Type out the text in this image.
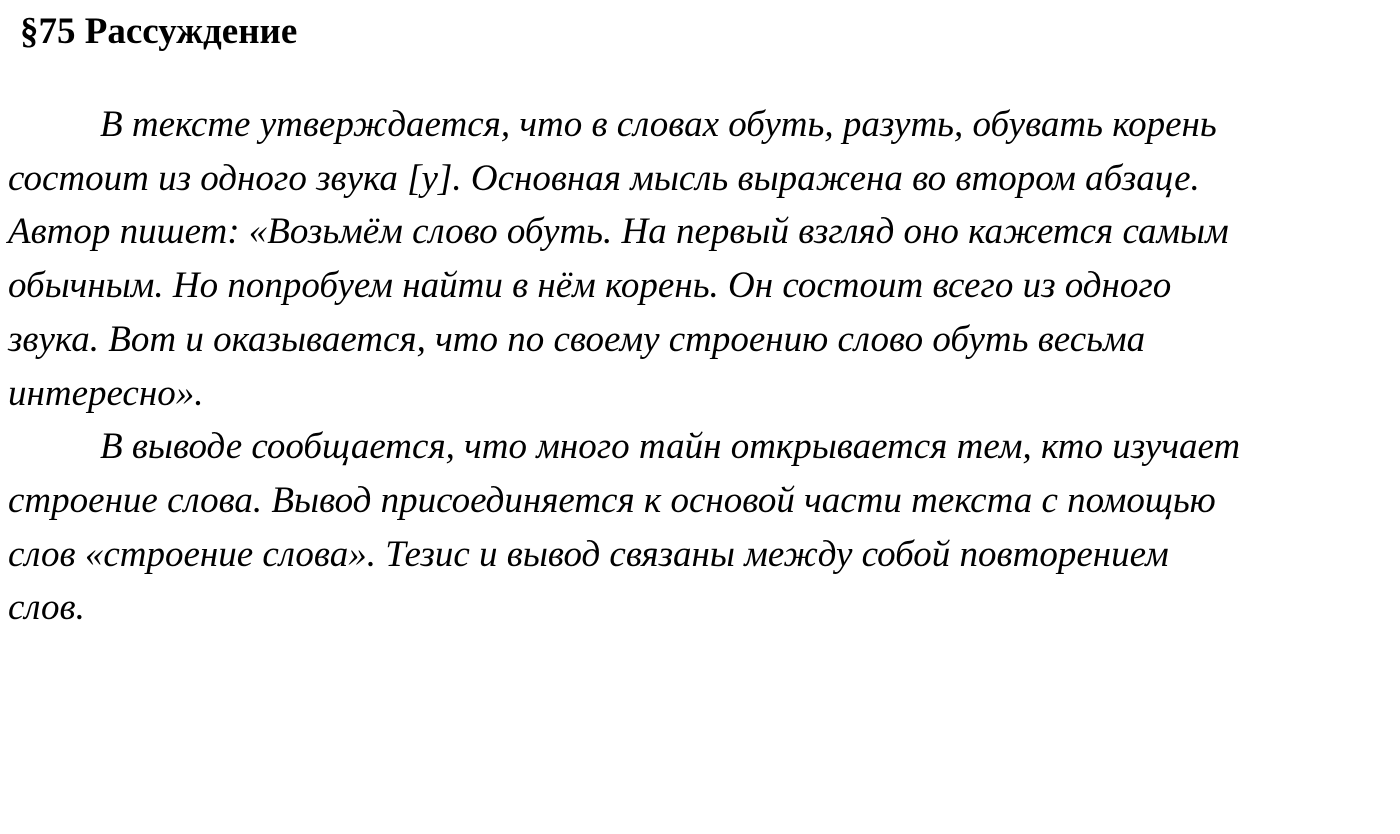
§75 Рассуждение

В тексте утверждается, что в словах обуть, разуть, обувать корень
состоит из одного звука [у]. Основная мысль выражена во втором абзаце.
Автор пишет: «Возьмём слово обуть. На первый взгляд оно кажется самым
обычным. Но попробуем найти в нём корень. Он состоит всего из одного
звука. Вот и оказывается, что по своему строению слово обуть весьма
интересно».

В выводе сообщается, что много тайн открывается тем, кто изучает
строение слова. Вывод присоединяется к основой части текста с помощью
слов «строение слова». Тезис и вывод связаны между собой повторением
слов.
